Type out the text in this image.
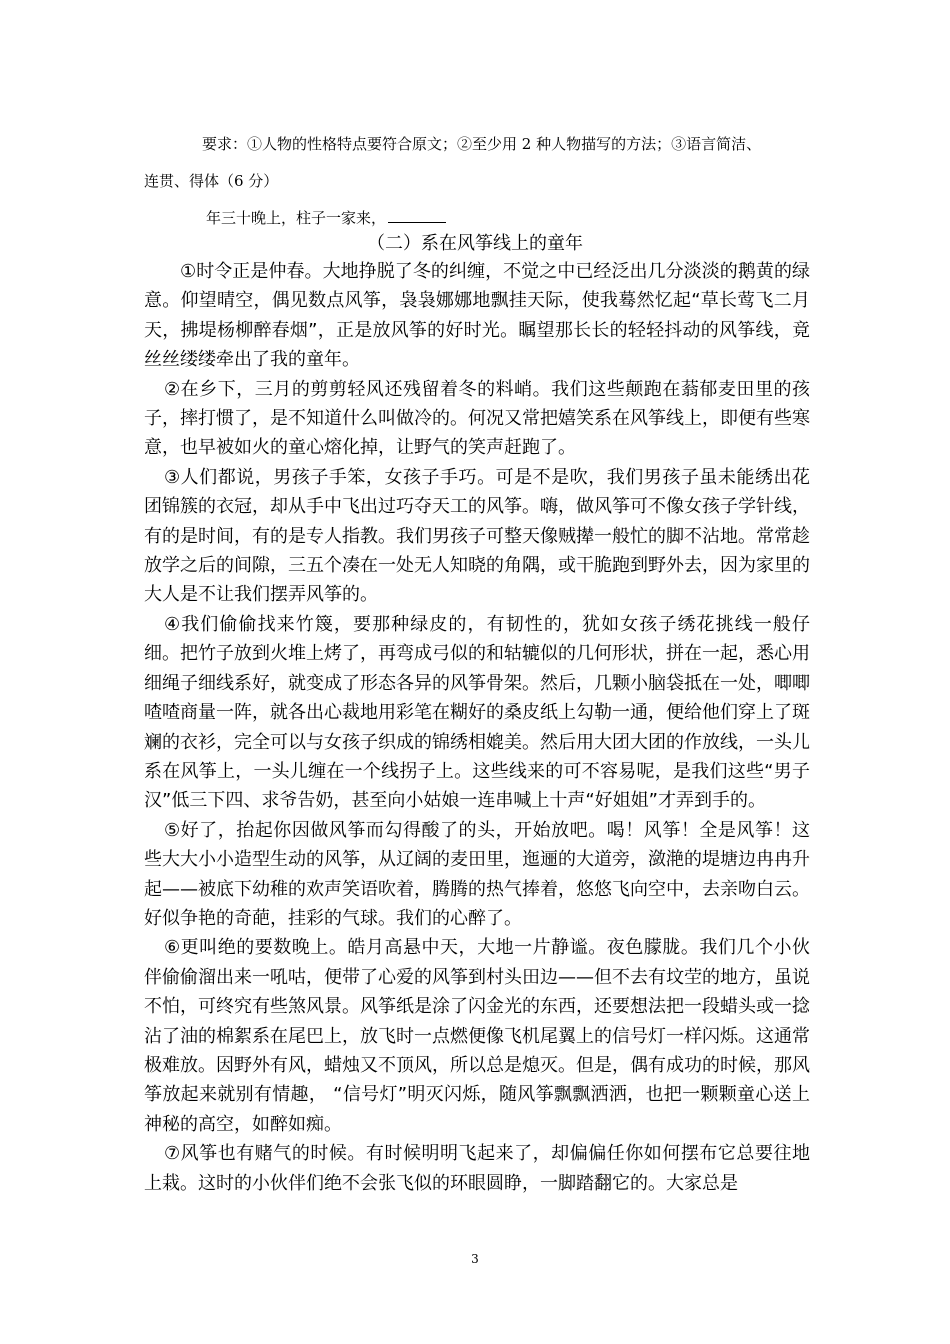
要求：①人物的性格特点要符合原文；②至少用 2 种人物描写的方法；③语言简洁、
连贯、得体（6 分）
年三十晚上，柱子一家来，
（二）系在风筝线上的童年

①时令正是仲春。大地挣脱了冬的纠缠，不觉之中已经泛出几分淡淡的鹅黄的绿意。仰望晴空，偶见数点风筝，袅袅娜娜地飘挂天际，使我蓦然忆起“草长莺飞二月天，拂堤杨柳醉春烟”，正是放风筝的好时光。瞩望那长长的轻轻抖动的风筝线，竟丝丝缕缕牵出了我的童年。

②在乡下，三月的剪剪轻风还残留着冬的料峭。我们这些颠跑在蓊郁麦田里的孩子，摔打惯了，是不知道什么叫做冷的。何况又常把嬉笑系在风筝线上，即便有些寒意，也早被如火的童心熔化掉，让野气的笑声赶跑了。

③人们都说，男孩子手笨，女孩子手巧。可是不是吹，我们男孩子虽未能绣出花团锦簇的衣冠，却从手中飞出过巧夺天工的风筝。嗨，做风筝可不像女孩子学针线，有的是时间，有的是专人指教。我们男孩子可整天像贼撵一般忙的脚不沾地。常常趁放学之后的间隙，三五个凑在一处无人知晓的角隅，或干脆跑到野外去，因为家里的大人是不让我们摆弄风筝的。

④我们偷偷找来竹篾，要那种绿皮的，有韧性的，犹如女孩子绣花挑线一般仔细。把竹子放到火堆上烤了，再弯成弓似的和轱辘似的几何形状，拼在一起，悉心用细绳子细线系好，就变成了形态各异的风筝骨架。然后，几颗小脑袋抵在一处，唧唧喳喳商量一阵，就各出心裁地用彩笔在糊好的桑皮纸上勾勒一通，便给他们穿上了斑斓的衣衫，完全可以与女孩子织成的锦绣相媲美。然后用大团大团的作放线，一头儿系在风筝上，一头儿缠在一个线拐子上。这些线来的可不容易呢，是我们这些“男子汉”低三下四、求爷告奶，甚至向小姑娘一连串喊上十声“好姐姐”才弄到手的。

⑤好了，抬起你因做风筝而勾得酸了的头，开始放吧。喝！风筝！全是风筝！这些大大小小造型生动的风筝，从辽阔的麦田里，迤逦的大道旁，潋滟的堤塘边冉冉升起——被底下幼稚的欢声笑语吹着，腾腾的热气捧着，悠悠飞向空中，去亲吻白云。好似争艳的奇葩，挂彩的气球。我们的心醉了。

⑥更叫绝的要数晚上。皓月高悬中天，大地一片静谧。夜色朦胧。我们几个小伙伴偷偷溜出来一吼咕，便带了心爱的风筝到村头田边——但不去有坟茔的地方，虽说不怕，可终究有些煞风景。风筝纸是涂了闪金光的东西，还要想法把一段蜡头或一捻沾了油的棉絮系在尾巴上，放飞时一点燃便像飞机尾翼上的信号灯一样闪烁。这通常极难放。因野外有风，蜡烛又不顶风，所以总是熄灭。但是，偶有成功的时候，那风筝放起来就别有情趣， “信号灯”明灭闪烁，随风筝飘飘洒洒，也把一颗颗童心送上神秘的高空，如醉如痴。

⑦风筝也有赌气的时候。有时候明明飞起来了，却偏偏任你如何摆布它总要往地上栽。这时的小伙伴们绝不会张飞似的环眼圆睁，一脚踏翻它的。大家总是

3
